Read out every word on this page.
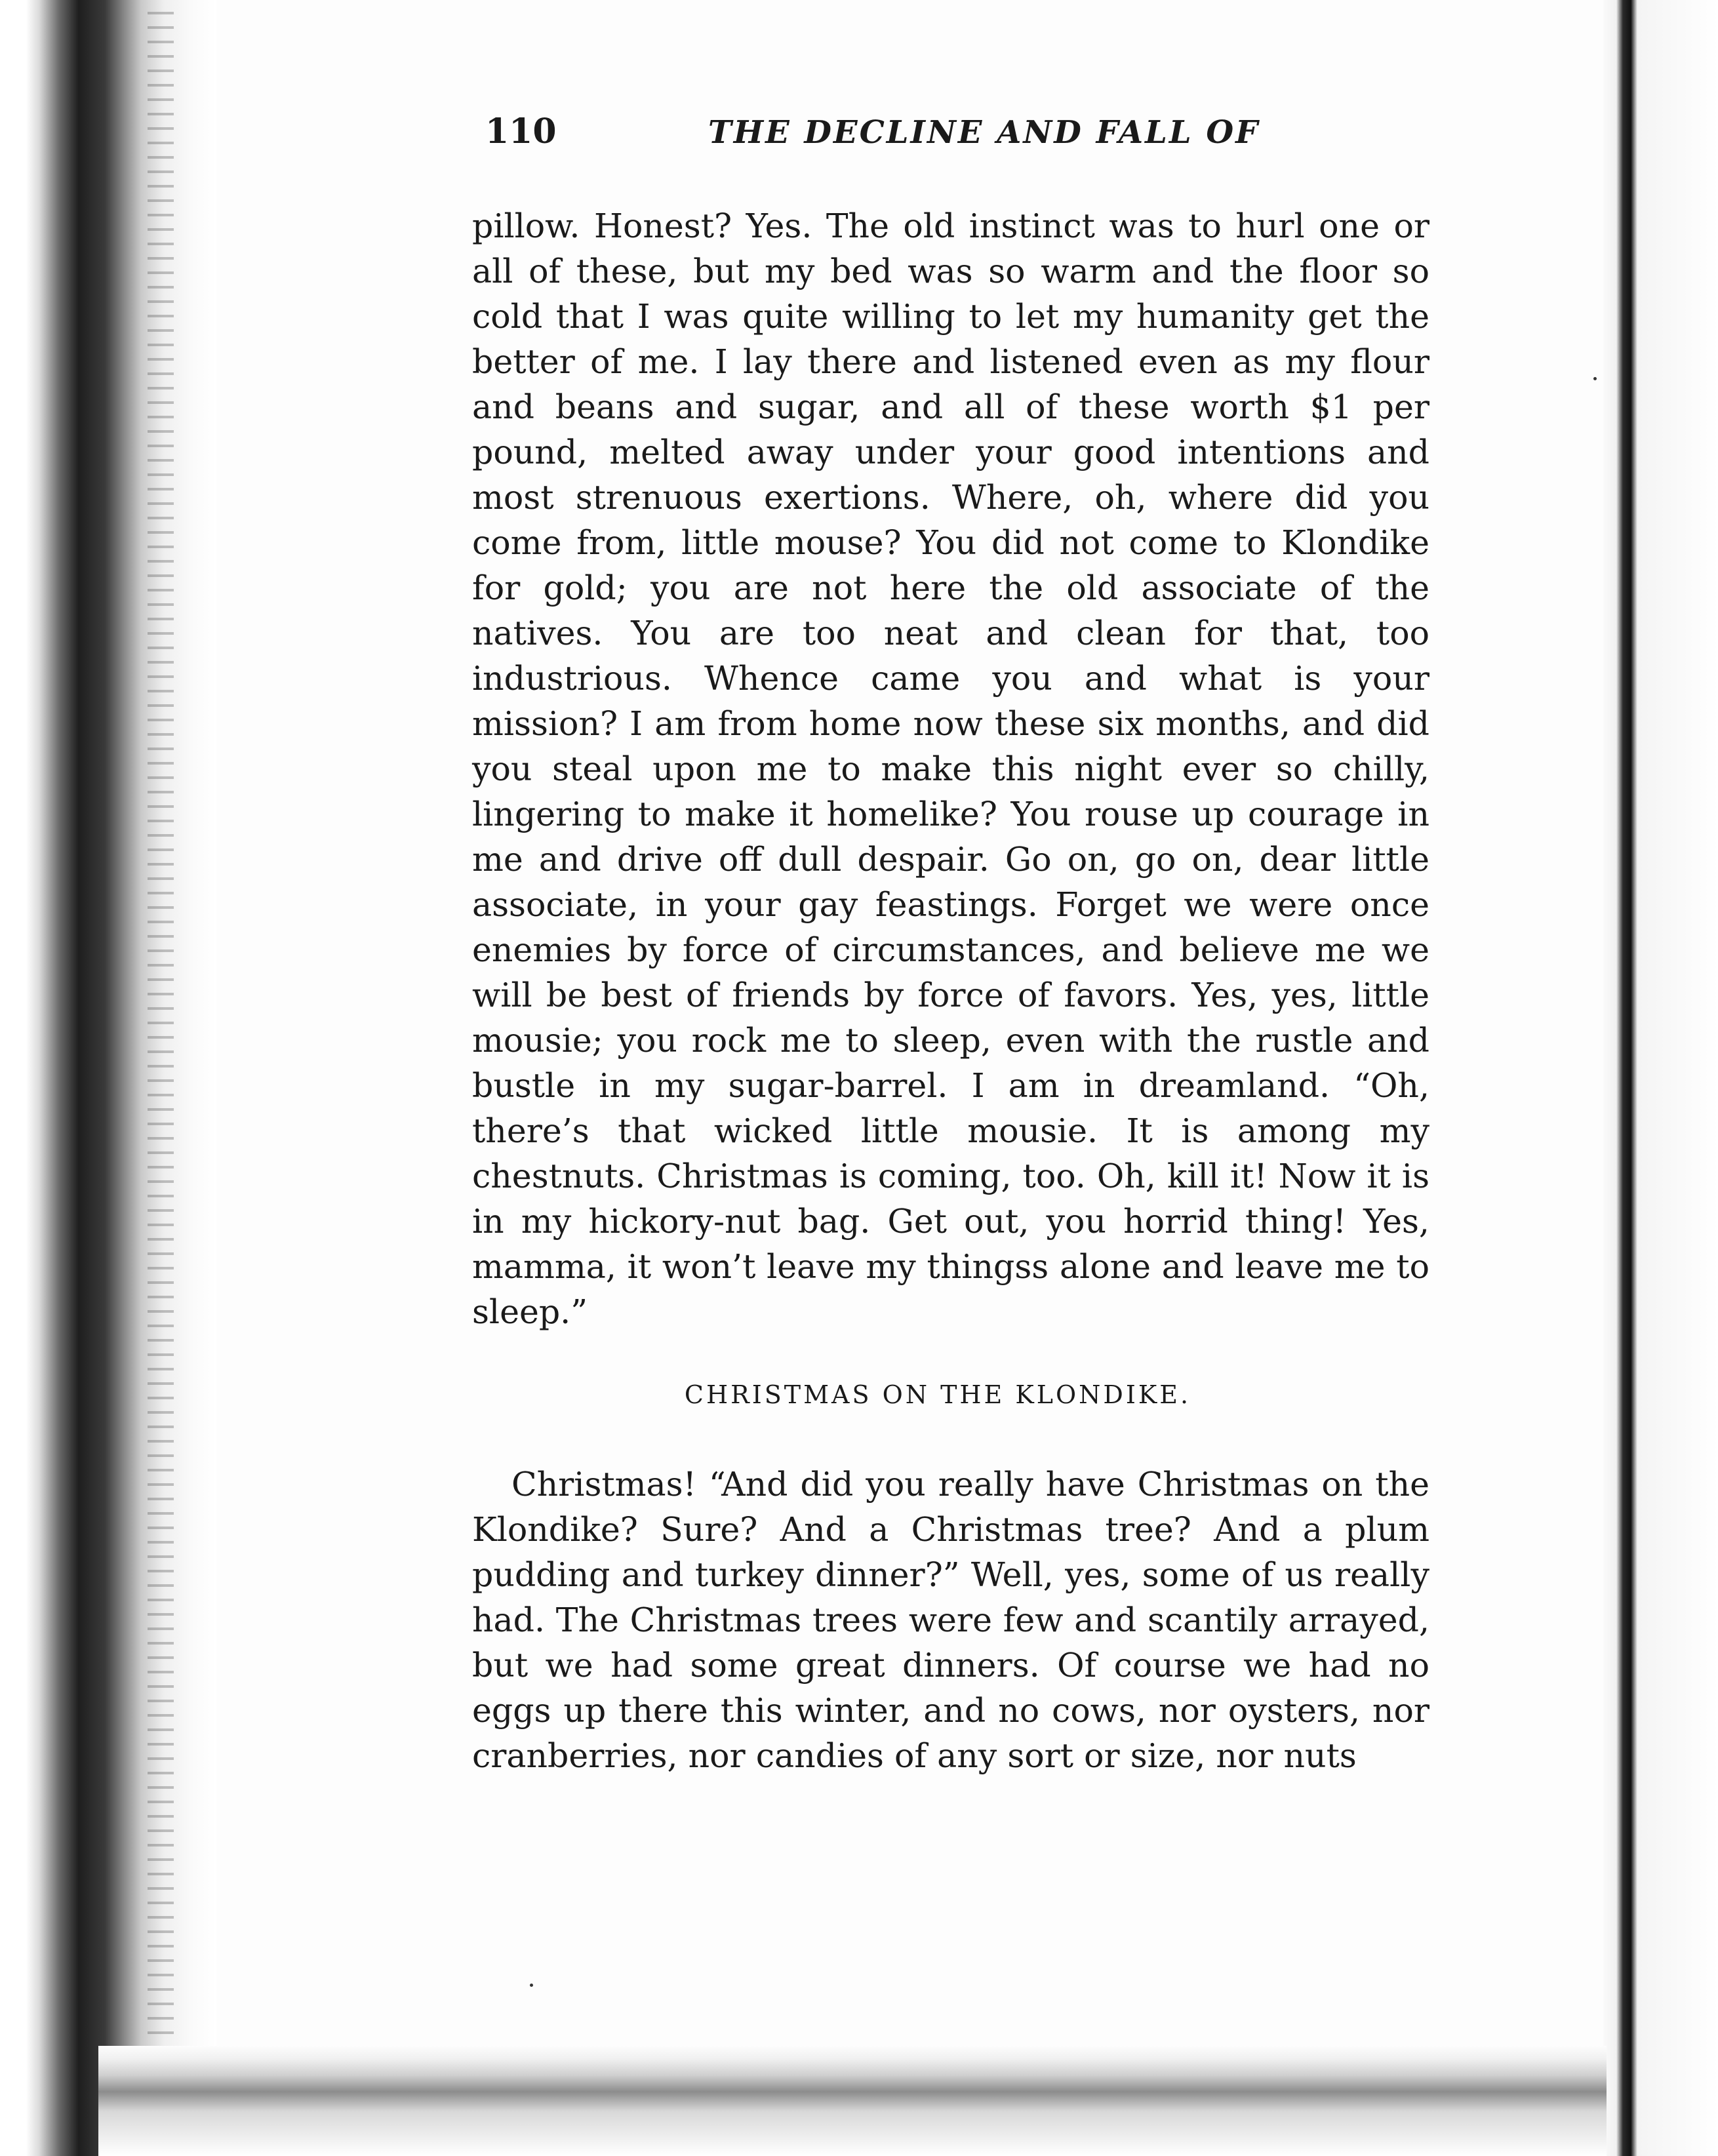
110	THE DECLINE AND FALL OF

pillow. Honest? Yes. The old instinct was to hurl one or all of these, but my bed was so warm and the floor so cold that I was quite willing to let my humanity get the better of me. I lay there and listened even as my flour and beans and sugar, and all of these worth $1 per pound, melted away under your good intentions and most strenuous exertions. Where, oh, where did you come from, little mouse? You did not come to Klondike for gold; you are not here the old associate of the natives. You are too neat and clean for that, too industrious. Whence came you and what is your mission? I am from home now these six months, and did you steal upon me to make this night ever so chilly, lingering to make it homelike? You rouse up courage in me and drive off dull despair. Go on, go on, dear little associate, in your gay feastings. Forget we were once enemies by force of circumstances, and believe me we will be best of friends by force of favors. Yes, yes, little mousie; you rock me to sleep, even with the rustle and bustle in my sugar-barrel. I am in dreamland. “Oh, there’s that wicked little mousie. It is among my chestnuts. Christmas is coming, too. Oh, kill it! Now it is in my hickory-nut bag. Get out, you horrid thing! Yes, mamma, it won’t leave my thingss alone and leave me to sleep.”

CHRISTMAS ON THE KLONDIKE.

Christmas! “And did you really have Christmas on the Klondike? Sure? And a Christmas tree? And a plum pudding and turkey dinner?” Well, yes, some of us really had. The Christmas trees were few and scantily arrayed, but we had some great dinners. Of course we had no eggs up there this winter, and no cows, nor oysters, nor cranberries, nor candies of any sort or size, nor nuts
